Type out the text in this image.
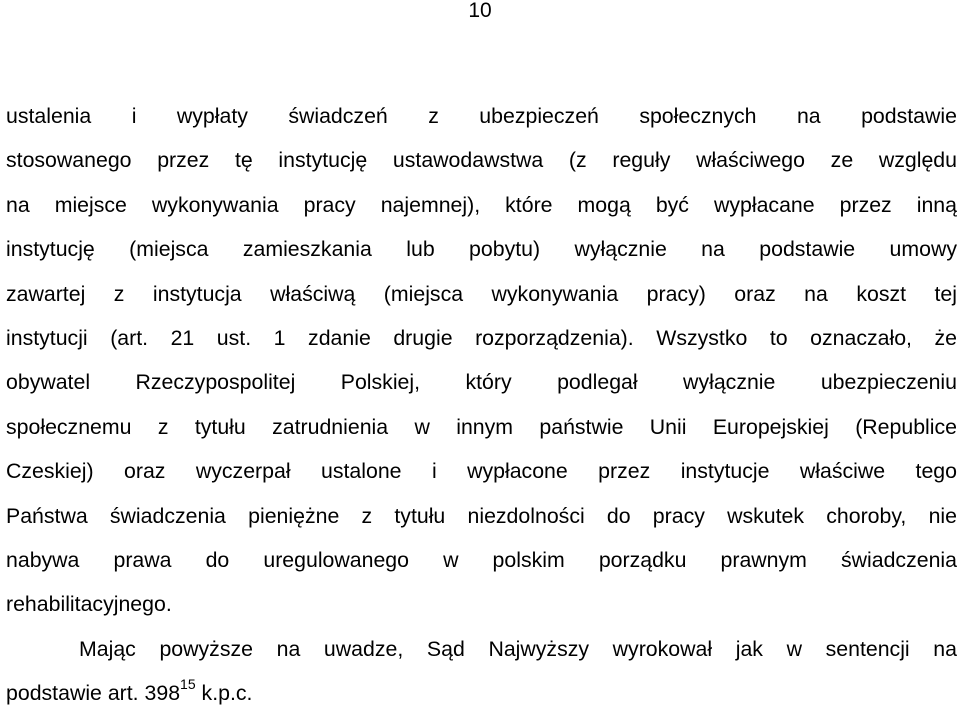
10
ustalenia i wypłaty świadczeń z ubezpieczeń społecznych na podstawie
stosowanego przez tę instytucję ustawodawstwa (z reguły właściwego ze względu
na miejsce wykonywania pracy najemnej), które mogą być wypłacane przez inną
instytucję (miejsca zamieszkania lub pobytu) wyłącznie na podstawie umowy
zawartej z instytucja właściwą (miejsca wykonywania pracy) oraz na koszt tej
instytucji (art. 21 ust. 1 zdanie drugie rozporządzenia). Wszystko to oznaczało, że
obywatel Rzeczypospolitej Polskiej, który podlegał wyłącznie ubezpieczeniu
społecznemu z tytułu zatrudnienia w innym państwie Unii Europejskiej (Republice
Czeskiej) oraz wyczerpał ustalone i wypłacone przez instytucje właściwe tego
Państwa świadczenia pieniężne z tytułu niezdolności do pracy wskutek choroby, nie
nabywa prawa do uregulowanego w polskim porządku prawnym świadczenia
rehabilitacyjnego.
Mając powyższe na uwadze, Sąd Najwyższy wyrokował jak w sentencji na
podstawie art. $398^{15}$ k.p.c.
